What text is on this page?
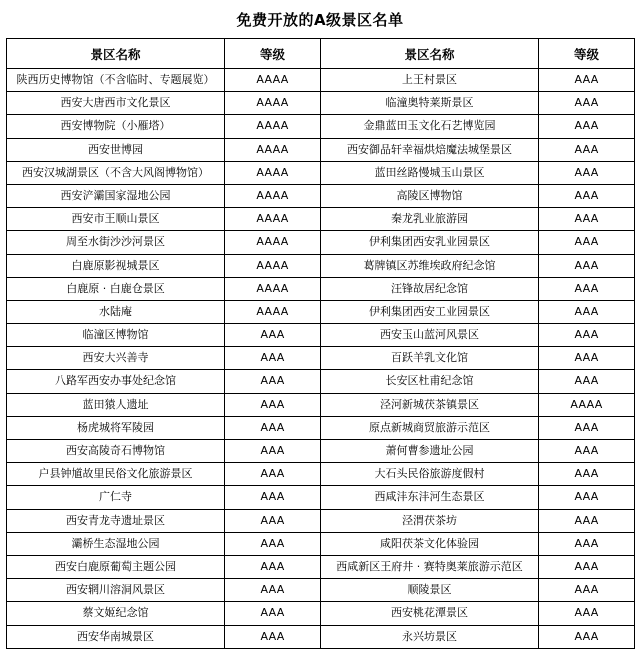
免费开放的A级景区名单
景区名称	等级	景区名称	等级
陕西历史博物馆（不含临时、专题展览）	AAAA	上王村景区	AAA
西安大唐西市文化景区	AAAA	临潼奥特莱斯景区	AAA
西安博物院（小雁塔）	AAAA	金鼎蓝田玉文化石艺博览园	AAA
西安世博园	AAAA	西安御品轩幸福烘焙魔法城堡景区	AAA
西安汉城湖景区（不含大风阁博物馆）	AAAA	蓝田丝路慢城玉山景区	AAA
西安浐灞国家湿地公园	AAAA	高陵区博物馆	AAA
西安市王顺山景区	AAAA	秦龙乳业旅游园	AAA
周至水街沙沙河景区	AAAA	伊利集团西安乳业园景区	AAA
白鹿原影视城景区	AAAA	葛牌镇区苏维埃政府纪念馆	AAA
白鹿原 · 白鹿仓景区	AAAA	汪锋故居纪念馆	AAA
水陆庵	AAAA	伊利集团西安工业园景区	AAA
临潼区博物馆	AAA	西安玉山蓝河风景区	AAA
西安大兴善寺	AAA	百跃羊乳文化馆	AAA
八路军西安办事处纪念馆	AAA	长安区杜甫纪念馆	AAA
蓝田猿人遗址	AAA	泾河新城茯茶镇景区	AAAA
杨虎城将军陵园	AAA	原点新城商贸旅游示范区	AAA
西安高陵奇石博物馆	AAA	萧何曹参遗址公园	AAA
户县钟馗故里民俗文化旅游景区	AAA	大石头民俗旅游度假村	AAA
广仁寺	AAA	西咸沣东沣河生态景区	AAA
西安青龙寺遗址景区	AAA	泾渭茯茶坊	AAA
灞桥生态湿地公园	AAA	咸阳茯茶文化体验园	AAA
西安白鹿原葡萄主题公园	AAA	西咸新区王府井 · 赛特奥莱旅游示范区	AAA
西安辋川溶洞风景区	AAA	顺陵景区	AAA
蔡文姬纪念馆	AAA	西安桃花潭景区	AAA
西安华南城景区	AAA	永兴坊景区	AAA
